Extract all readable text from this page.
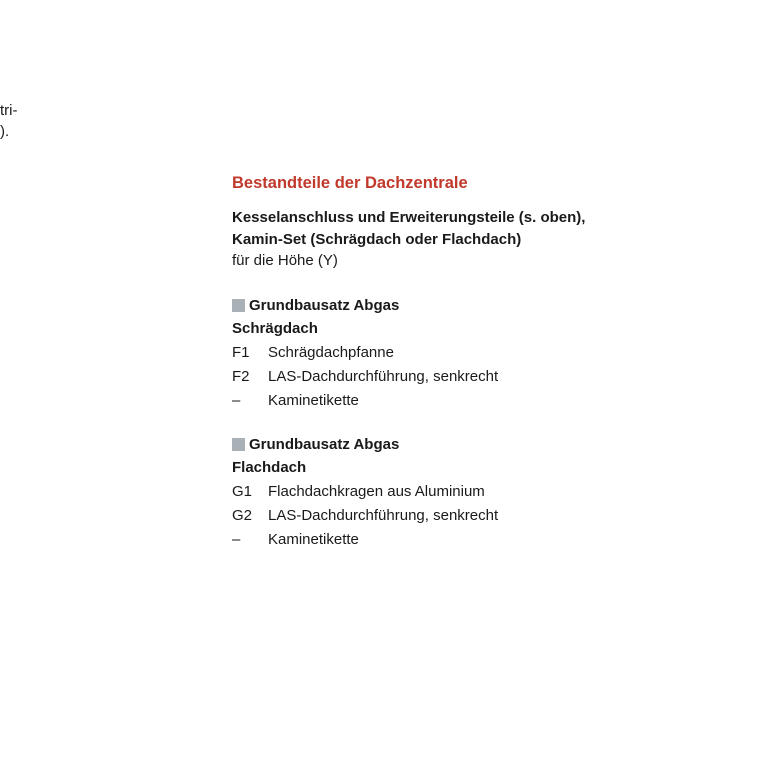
tri-
).
Bestandteile der Dachzentrale
Kesselanschluss und Erweiterungsteile (s. oben),
Kamin-Set (Schrägdach oder Flachdach)
für die Höhe (Y)
Grundbausatz Abgas
Schrägdach
F1	Schrägdachpfanne
F2	LAS-Dachdurchführung, senkrecht
–	Kaminetikette
Grundbausatz Abgas
Flachdach
G1	Flachdachkragen aus Aluminium
G2	LAS-Dachdurchführung, senkrecht
–	Kaminetikette
